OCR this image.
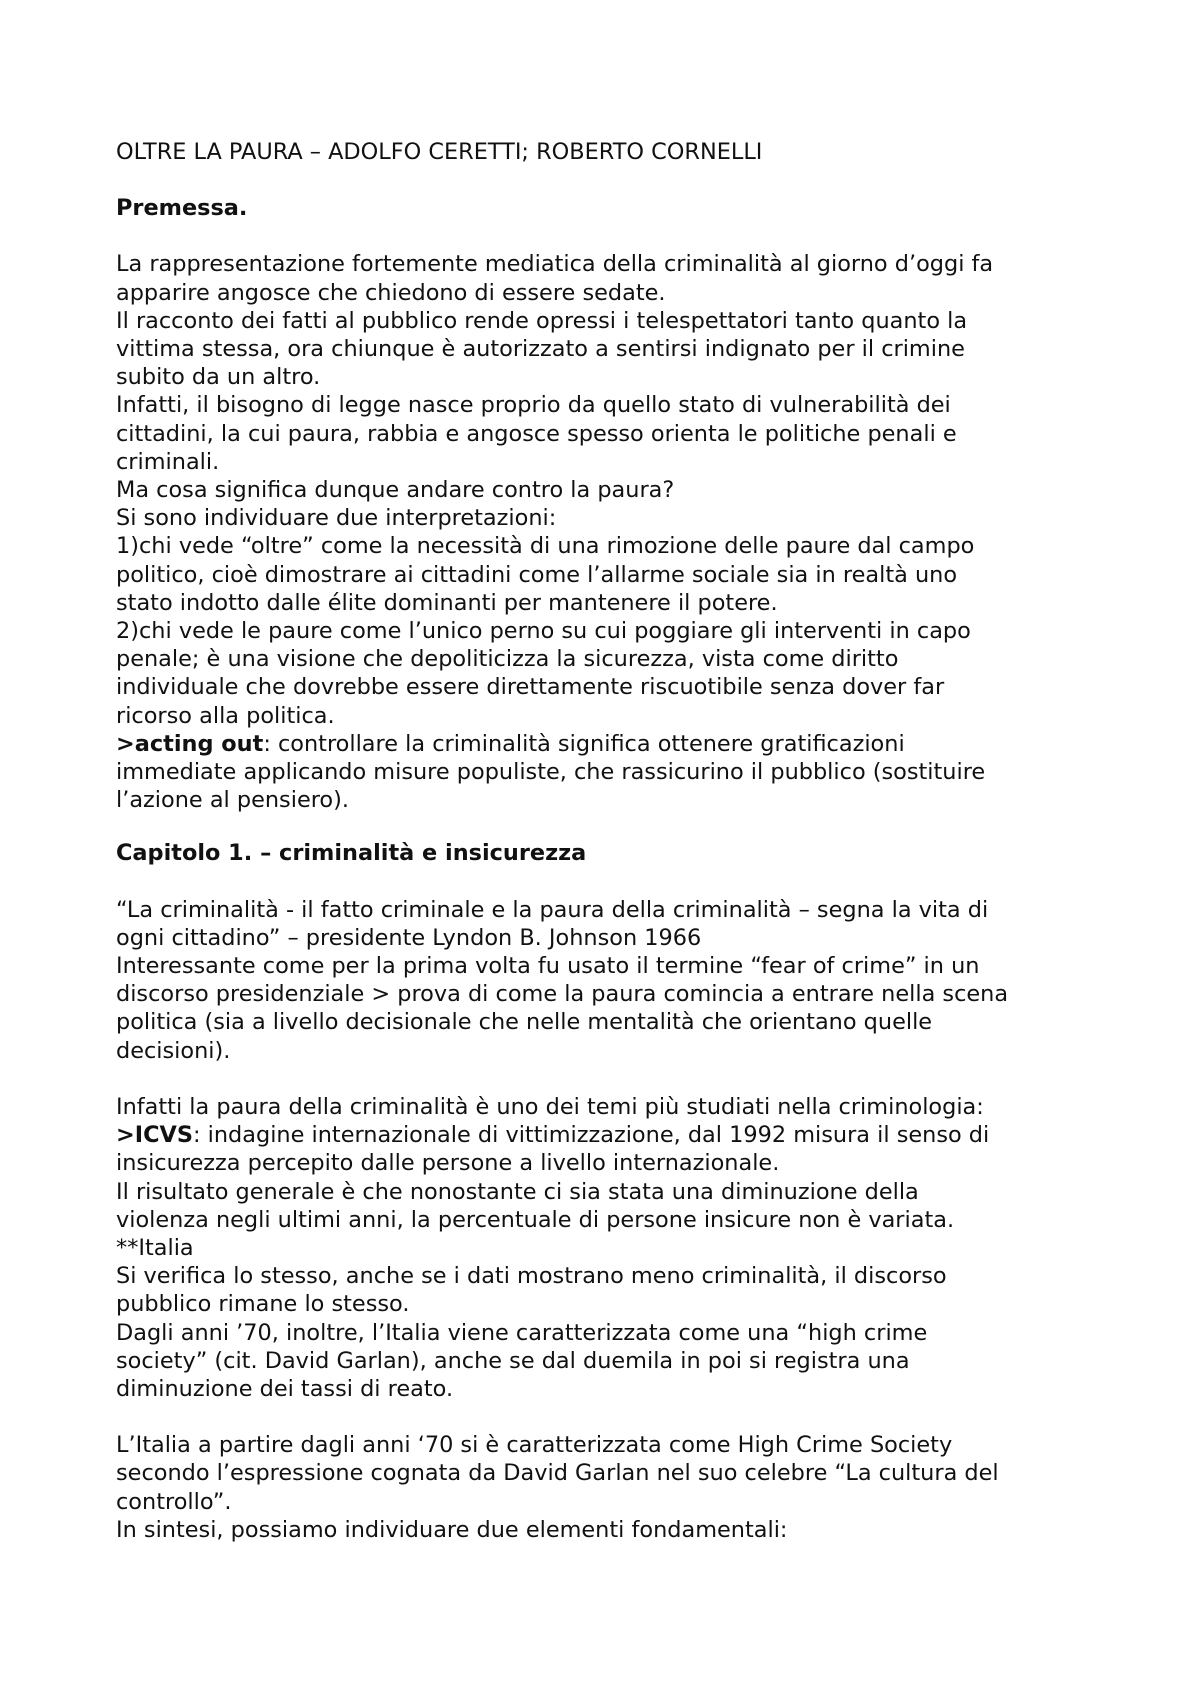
OLTRE LA PAURA – ADOLFO CERETTI; ROBERTO CORNELLI

Premessa.

La rappresentazione fortemente mediatica della criminalità al giorno d’oggi fa

apparire angosce che chiedono di essere sedate.

Il racconto dei fatti al pubblico rende opressi i telespettatori tanto quanto la

vittima stessa, ora chiunque è autorizzato a sentirsi indignato per il crimine

subito da un altro.

Infatti, il bisogno di legge nasce proprio da quello stato di vulnerabilità dei

cittadini, la cui paura, rabbia e angosce spesso orienta le politiche penali e

criminali.

Ma cosa significa dunque andare contro la paura?

Si sono individuare due interpretazioni:

1)chi vede “oltre” come la necessità di una rimozione delle paure dal campo

politico, cioè dimostrare ai cittadini come l’allarme sociale sia in realtà uno

stato indotto dalle élite dominanti per mantenere il potere.

2)chi vede le paure come l’unico perno su cui poggiare gli interventi in capo

penale; è una visione che depoliticizza la sicurezza, vista come diritto

individuale che dovrebbe essere direttamente riscuotibile senza dover far

ricorso alla politica.

>acting out: controllare la criminalità significa ottenere gratificazioni

immediate applicando misure populiste, che rassicurino il pubblico (sostituire

l’azione al pensiero).

Capitolo 1. – criminalità e insicurezza

“La criminalità - il fatto criminale e la paura della criminalità – segna la vita di

ogni cittadino” – presidente Lyndon B. Johnson 1966

Interessante come per la prima volta fu usato il termine “fear of crime” in un

discorso presidenziale > prova di come la paura comincia a entrare nella scena

politica (sia a livello decisionale che nelle mentalità che orientano quelle

decisioni).

Infatti la paura della criminalità è uno dei temi più studiati nella criminologia:

>ICVS: indagine internazionale di vittimizzazione, dal 1992 misura il senso di

insicurezza percepito dalle persone a livello internazionale.

Il risultato generale è che nonostante ci sia stata una diminuzione della

violenza negli ultimi anni, la percentuale di persone insicure non è variata.

**Italia

Si verifica lo stesso, anche se i dati mostrano meno criminalità, il discorso

pubblico rimane lo stesso.

Dagli anni ’70, inoltre, l’Italia viene caratterizzata come una “high crime

society” (cit. David Garlan), anche se dal duemila in poi si registra una

diminuzione dei tassi di reato.

L’Italia a partire dagli anni ‘70 si è caratterizzata come High Crime Society

secondo l’espressione cognata da David Garlan nel suo celebre “La cultura del

controllo”.

In sintesi, possiamo individuare due elementi fondamentali:
